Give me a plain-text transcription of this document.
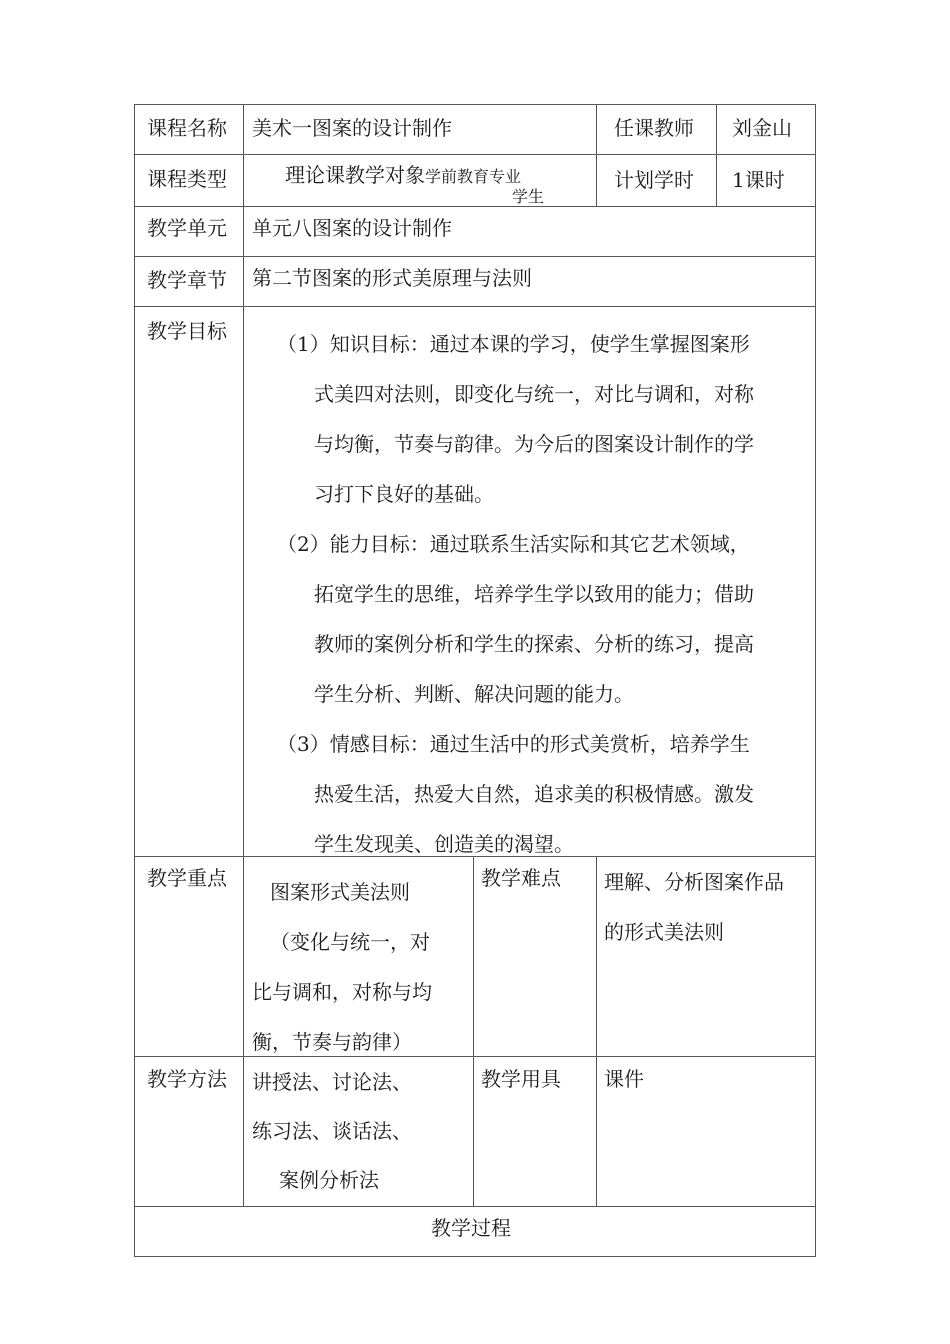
课程名称 美术一图案的设计制作	任课教师 刘金山
课程类型	理论课教学对象学前教育专业
学生
计划学时 1课时
教学单元 单元八图案的设计制作
教学章节 第二节图案的形式美原理与法则
教学目标
（1）知识目标：通过本课的学习，使学生掌握图案形
式美四对法则，即变化与统一，对比与调和，对称
与均衡，节奏与韵律。为今后的图案设计制作的学
习打下良好的基础。
（2）能力目标：通过联系生活实际和其它艺术领域，
拓宽学生的思维，培养学生学以致用的能力；借助
教师的案例分析和学生的探索、分析的练习，提高
学生分析、判断、解决问题的能力。
（3）情感目标：通过生活中的形式美赏析，培养学生
热爱生活，热爱大自然，追求美的积极情感。激发
学生发现美、创造美的渴望。
教学重点
图案形式美法则
（变化与统一，对
比与调和，对称与均
衡，节奏与韵律）
教学难点 理解、分析图案作品
的形式美法则
教学方法 讲授法、讨论法、
练习法、谈话法、
案例分析法
教学用具 课件
教学过程
